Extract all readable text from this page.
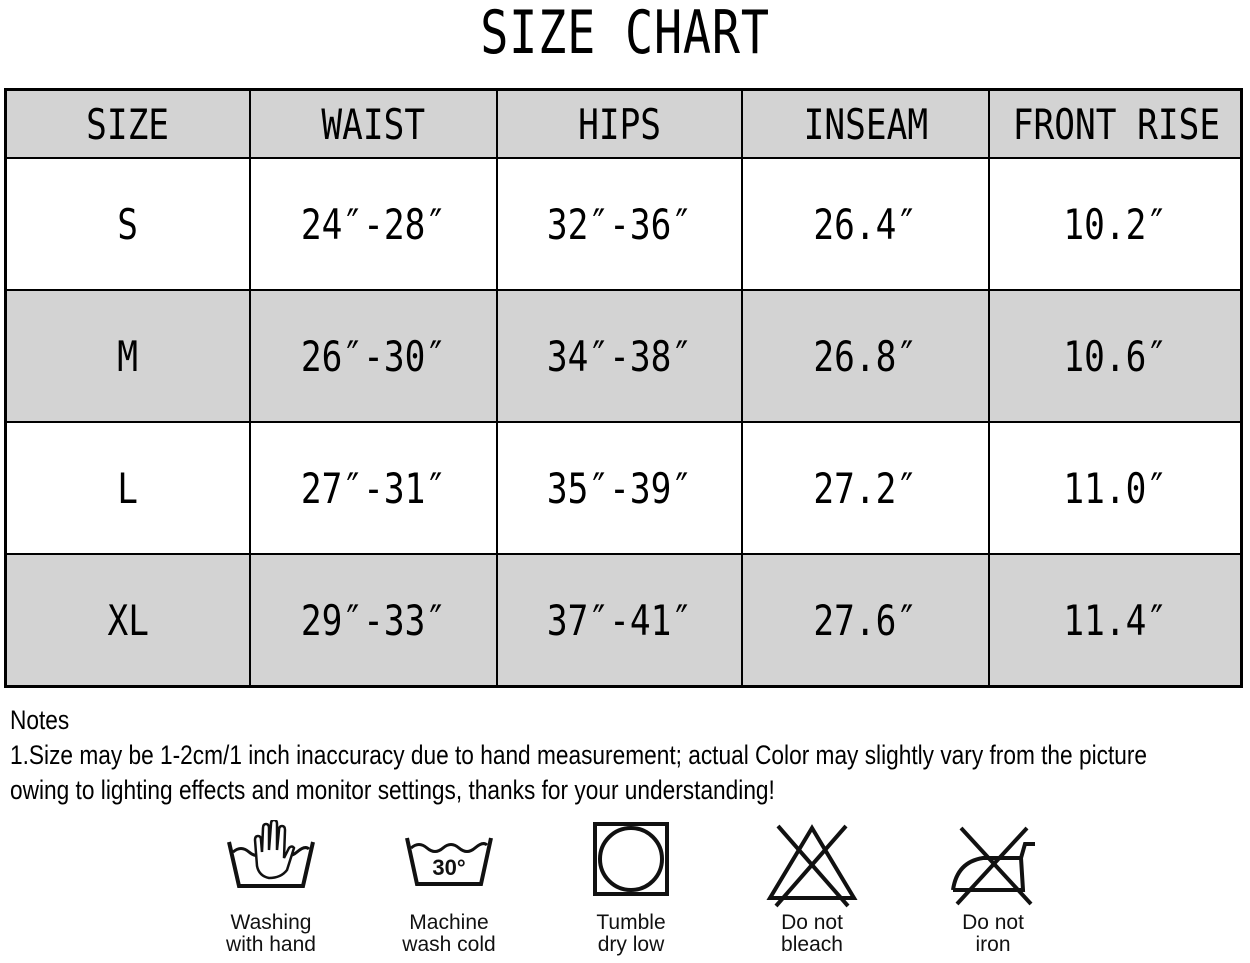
SIZE CHART
SIZE	WAIST	HIPS	INSEAM	FRONT RISE
S	24″-28″	32″-36″	26.4″	10.2″
M	26″-30″	34″-38″	26.8″	10.6″
L	27″-31″	35″-39″	27.2″	11.0″
XL	29″-33″	37″-41″	27.6″	11.4″
Notes
1.Size may be 1-2cm/1 inch inaccuracy due to hand measurement; actual Color may slightly vary from the picture
owing to lighting effects and monitor settings, thanks for your understanding!
Washing
with hand
30°
Machine
wash cold
Tumble
dry low
Do not
bleach
Do not
iron
